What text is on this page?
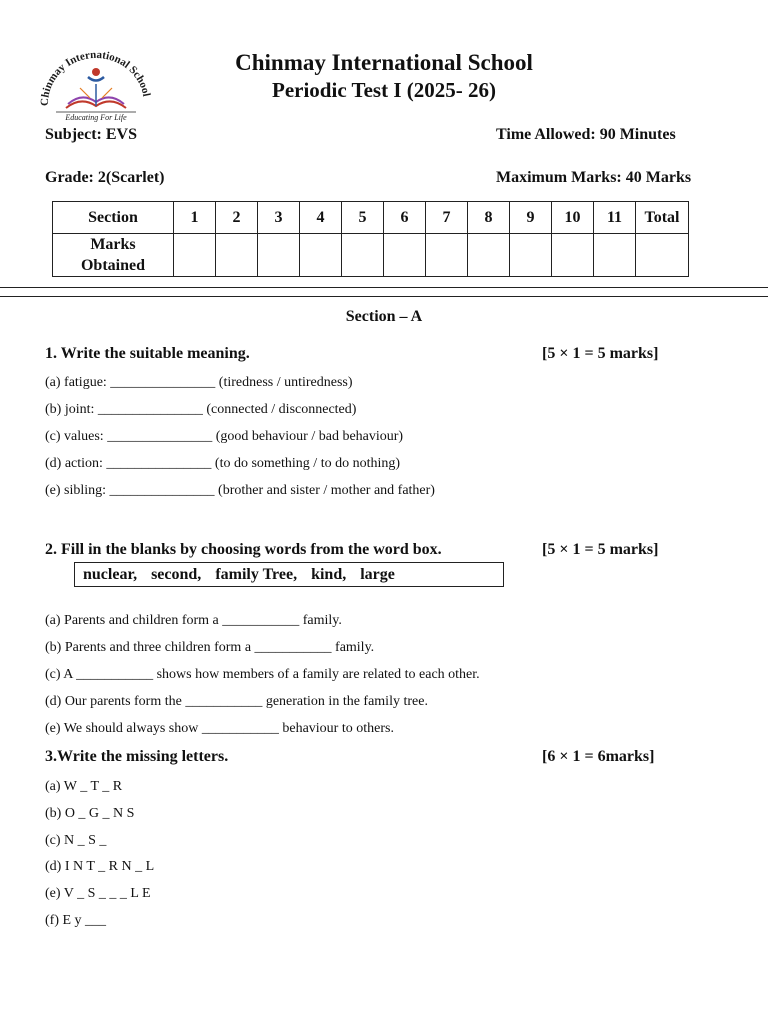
Chinmay International School
Educating For Life
Chinmay International School
Periodic Test I (2025- 26)
Subject: EVS	Time Allowed: 90 Minutes
Grade: 2(Scarlet)	Maximum Marks: 40 Marks
Section	1	2	3	4	5	6	7	8	9	10	11	Total
Marks
Obtained												
Section – A
1. Write the suitable meaning.	[5 × 1 = 5 marks]
(a) fatigue: _______________ (tiredness / untiredness)
(b) joint: _______________ (connected / disconnected)
(c) values: _______________ (good behaviour / bad behaviour)
(d) action: _______________ (to do something / to do nothing)
(e) sibling: _______________ (brother and sister / mother and father)
2. Fill in the blanks by choosing words from the word box.	[5 × 1 = 5 marks]
nuclear, second, family Tree, kind, large
(a) Parents and children form a ___________ family.
(b) Parents and three children form a ___________ family.
(c) A ___________ shows how members of a family are related to each other.
(d) Our parents form the ___________ generation in the family tree.
(e) We should always show ___________ behaviour to others.
3.Write the missing letters.	[6 × 1 = 6marks]
(a) W _ T _ R
(b) O _ G _ N S
(c) N _ S _
(d) I N T _ R N _ L
(e) V _ S _ _ _ L E
(f) E y ___
